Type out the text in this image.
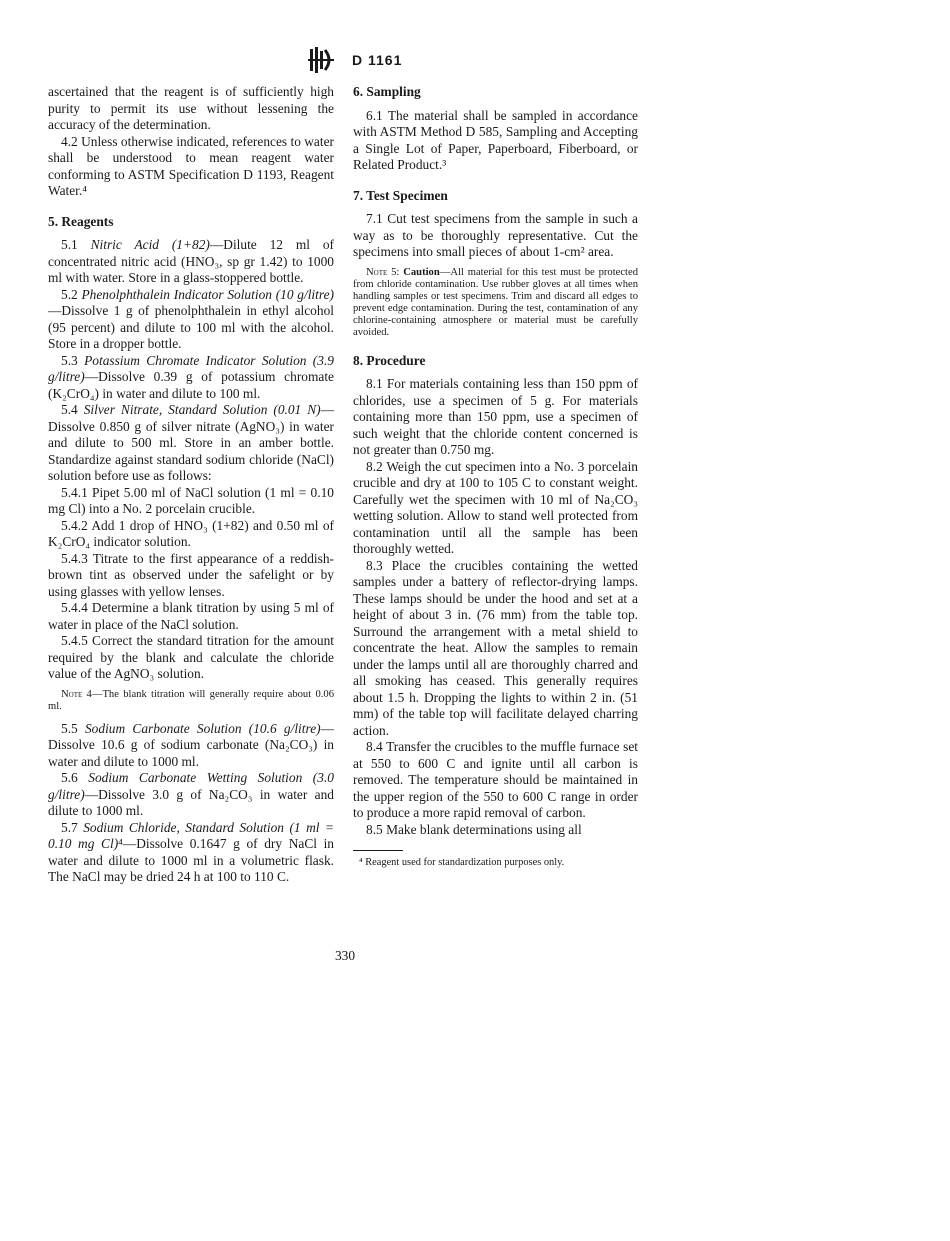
D 1161

ascertained that the reagent is of sufficiently high purity to permit its use without lessening the accuracy of the determination.

4.2 Unless otherwise indicated, references to water shall be understood to mean reagent water conforming to ASTM Specification D 1193, Reagent Water.⁴

5. Reagents

5.1 Nitric Acid (1+82)—Dilute 12 ml of concentrated nitric acid (HNO₃, sp gr 1.42) to 1000 ml with water. Store in a glass-stoppered bottle.

5.2 Phenolphthalein Indicator Solution (10 g/litre)—Dissolve 1 g of phenolphthalein in ethyl alcohol (95 percent) and dilute to 100 ml with the alcohol. Store in a dropper bottle.

5.3 Potassium Chromate Indicator Solution (3.9 g/litre)—Dissolve 0.39 g of potassium chromate (K₂CrO₄) in water and dilute to 100 ml.

5.4 Silver Nitrate, Standard Solution (0.01 N)—Dissolve 0.850 g of silver nitrate (AgNO₃) in water and dilute to 500 ml. Store in an amber bottle. Standardize against standard sodium chloride (NaCl) solution before use as follows:

5.4.1 Pipet 5.00 ml of NaCl solution (1 ml = 0.10 mg Cl) into a No. 2 porcelain crucible.

5.4.2 Add 1 drop of HNO₃ (1+82) and 0.50 ml of K₂CrO₄ indicator solution.

5.4.3 Titrate to the first appearance of a reddish-brown tint as observed under the safelight or by using glasses with yellow lenses.

5.4.4 Determine a blank titration by using 5 ml of water in place of the NaCl solution.

5.4.5 Correct the standard titration for the amount required by the blank and calculate the chloride value of the AgNO₃ solution.

Note 4—The blank titration will generally require about 0.06 ml.

5.5 Sodium Carbonate Solution (10.6 g/litre)—Dissolve 10.6 g of sodium carbonate (Na₂CO₃) in water and dilute to 1000 ml.

5.6 Sodium Carbonate Wetting Solution (3.0 g/litre)—Dissolve 3.0 g of Na₂CO₃ in water and dilute to 1000 ml.

5.7 Sodium Chloride, Standard Solution (1 ml = 0.10 mg Cl)⁴—Dissolve 0.1647 g of dry NaCl in water and dilute to 1000 ml in a volumetric flask. The NaCl may be dried 24 h at 100 to 110 C.

6. Sampling

6.1 The material shall be sampled in accordance with ASTM Method D 585, Sampling and Accepting a Single Lot of Paper, Paperboard, Fiberboard, or Related Product.³

7. Test Specimen

7.1 Cut test specimens from the sample in such a way as to be thoroughly representative. Cut the specimens into small pieces of about 1-cm² area.

Note 5: Caution—All material for this test must be protected from chloride contamination. Use rubber gloves at all times when handling samples or test specimens. Trim and discard all edges to prevent edge contamination. During the test, contamination of any chlorine-containing atmosphere or material must be carefully avoided.

8. Procedure

8.1 For materials containing less than 150 ppm of chlorides, use a specimen of 5 g. For materials containing more than 150 ppm, use a specimen of such weight that the chloride content concerned is not greater than 0.750 mg.

8.2 Weigh the cut specimen into a No. 3 porcelain crucible and dry at 100 to 105 C to constant weight. Carefully wet the specimen with 10 ml of Na₂CO₃ wetting solution. Allow to stand well protected from contamination until all the sample has been thoroughly wetted.

8.3 Place the crucibles containing the wetted samples under a battery of reflector-drying lamps. These lamps should be under the hood and set at a height of about 3 in. (76 mm) from the table top. Surround the arrangement with a metal shield to concentrate the heat. Allow the samples to remain under the lamps until all are thoroughly charred and all smoking has ceased. This generally requires about 1.5 h. Dropping the lights to within 2 in. (51 mm) of the table top will facilitate delayed charring action.

8.4 Transfer the crucibles to the muffle furnace set at 550 to 600 C and ignite until all carbon is removed. The temperature should be maintained in the upper region of the 550 to 600 C range in order to produce a more rapid removal of carbon.

8.5 Make blank determinations using all

⁴ Reagent used for standardization purposes only.

330
